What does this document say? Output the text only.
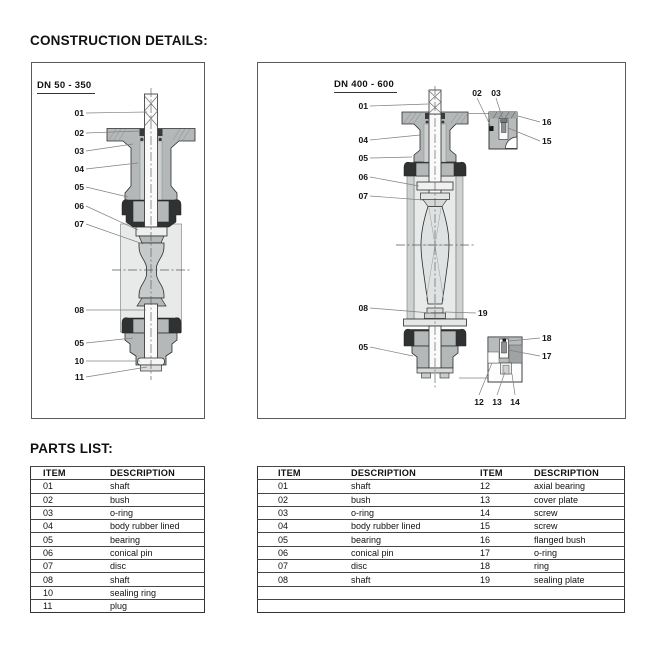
CONSTRUCTION DETAILS:
DN 50 - 350	DN 400 - 600
01
02
03
04
05
06
07
08
05
10
11
01
04
05
06
07
08
05
19
02 03
16
15
18
17
12 13 14
PARTS LIST:
ITEM	DESCRIPTION
01	shaft
02	bush
03	o-ring
04	body rubber lined
05	bearing
06	conical pin
07	disc
08	shaft
10	sealing ring
11	plug
ITEM	DESCRIPTION	ITEM	DESCRIPTION
01	shaft	12	axial bearing
02	bush	13	cover plate
03	o-ring	14	screw
04	body rubber lined	15	screw
05	bearing	16	flanged bush
06	conical pin	17	o-ring
07	disc	18	ring
08	shaft	19	sealing plate
